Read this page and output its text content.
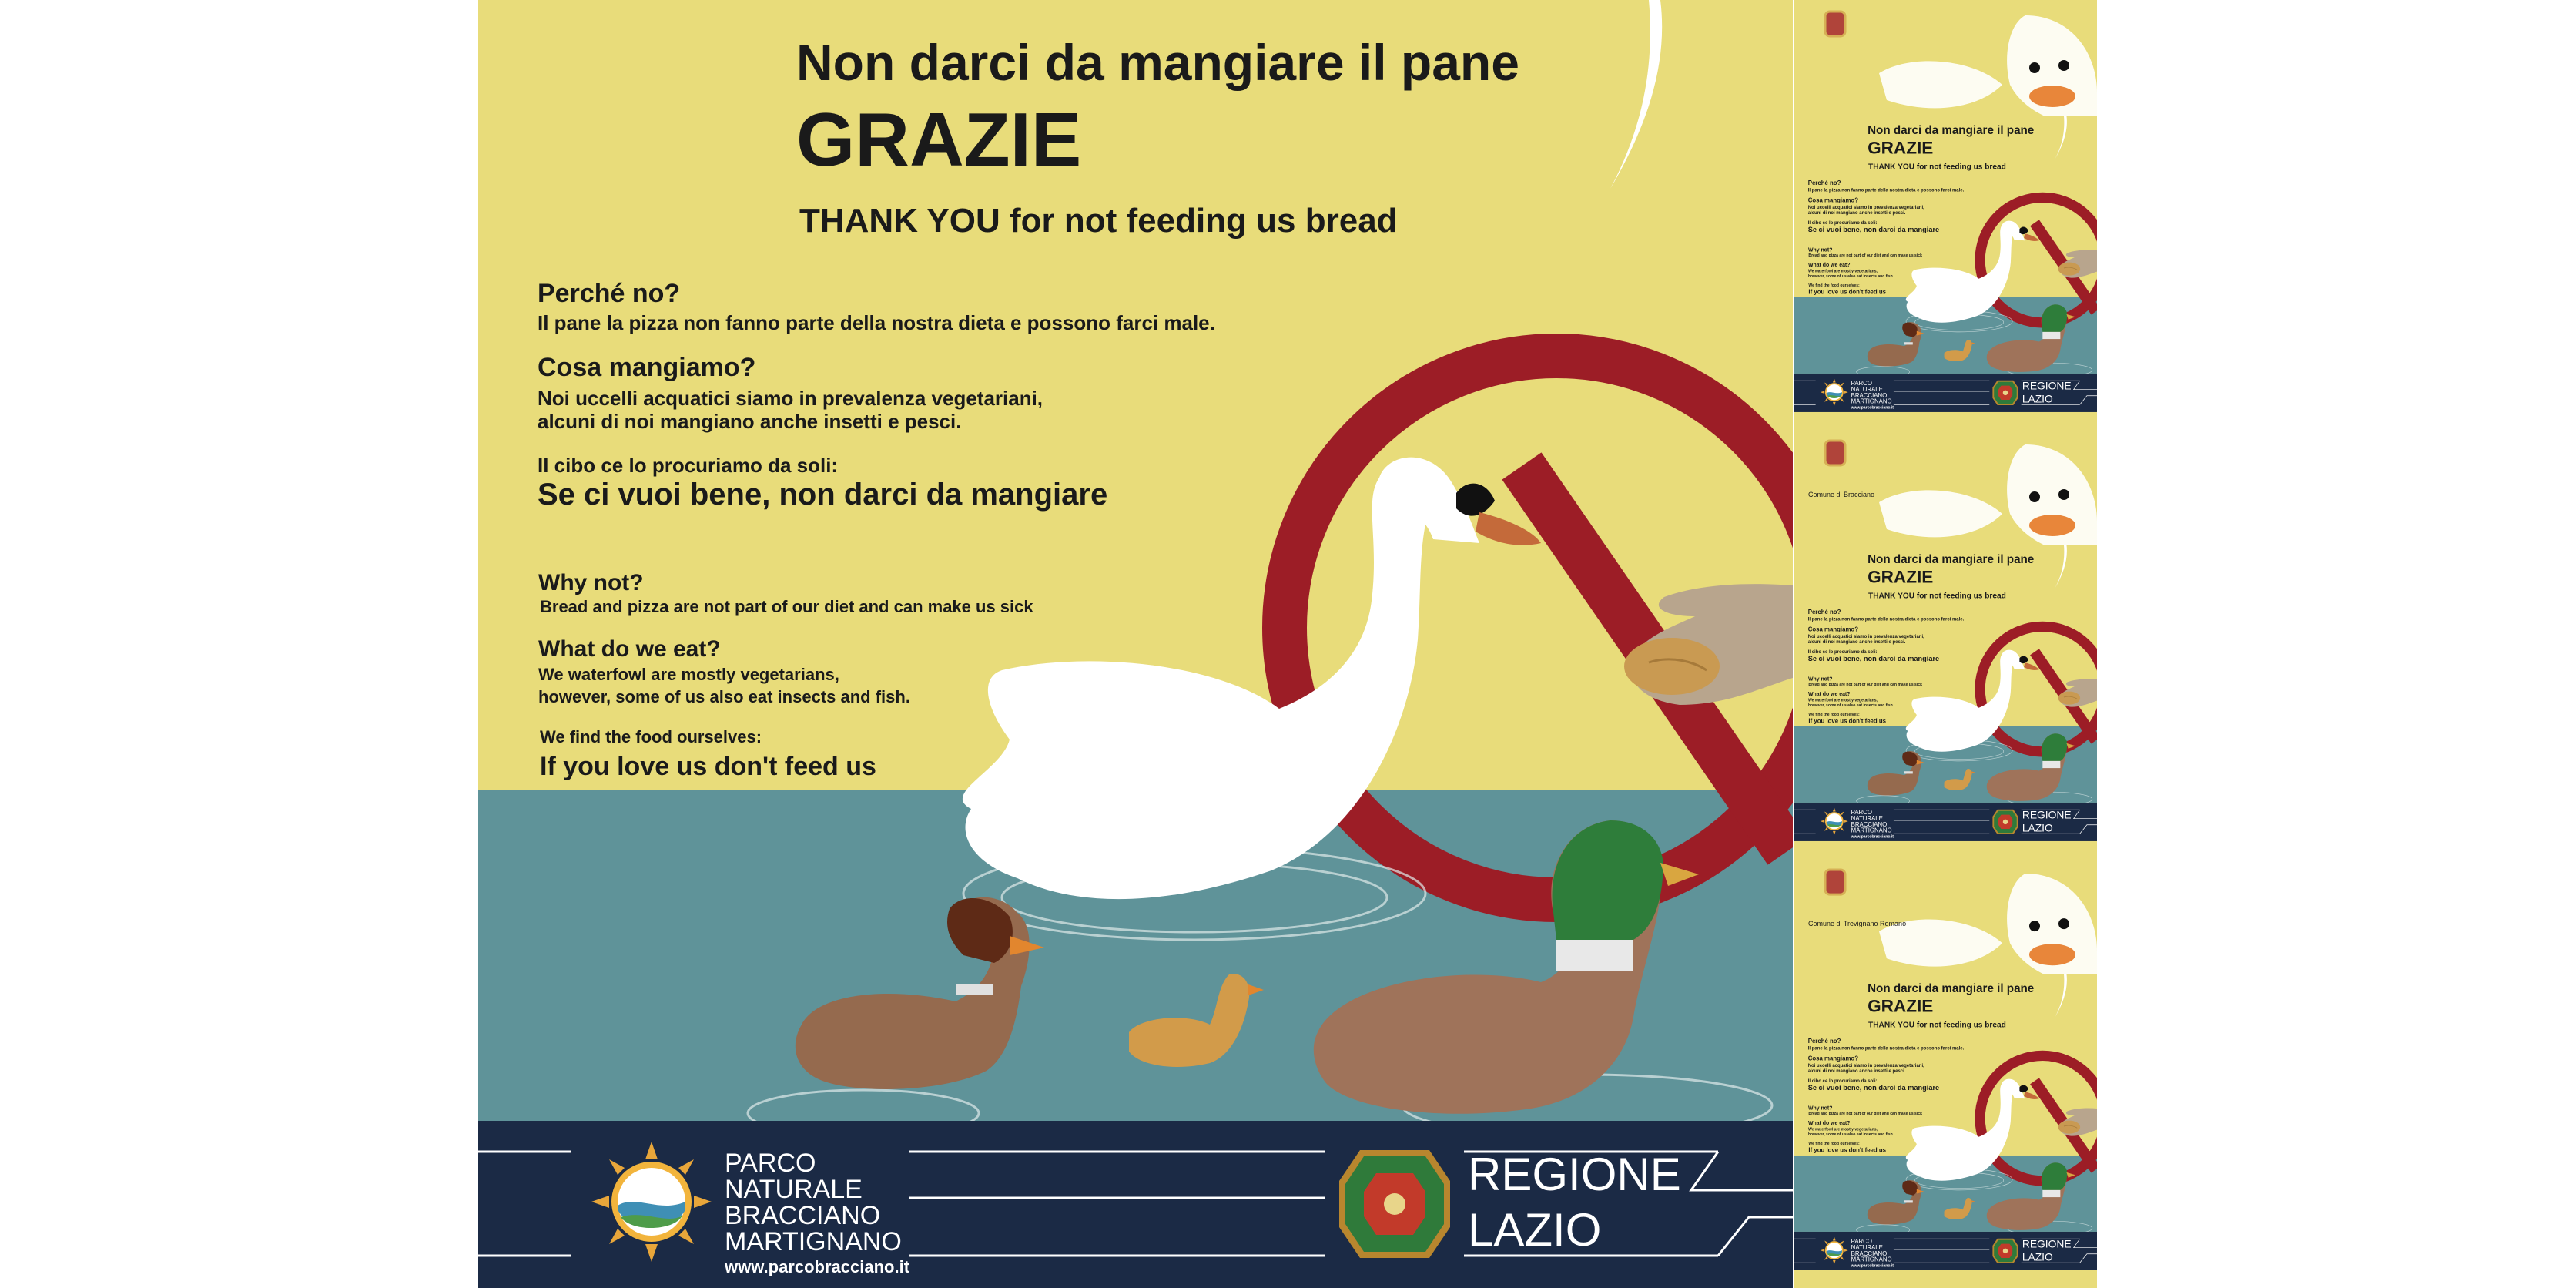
Non darci da mangiare il pane
GRAZIE
THANK YOU for not feeding us bread
Perché no?
Il pane la pizza non fanno parte della nostra dieta e possono farci male.
Cosa mangiamo?
Noi uccelli acquatici siamo in prevalenza vegetariani,
alcuni di noi mangiano anche insetti e pesci.
Il cibo ce lo procuriamo da soli:
Se ci vuoi bene, non darci da mangiare
Why not?
Bread and pizza are not part of our diet and can make us sick
What do we eat?
We waterfowl are mostly vegetarians,
however, some of us also eat insects and fish.
We find the food ourselves:
If you love us don't feed us
PARCO
NATURALE
BRACCIANO
MARTIGNANO
www.parcobracciano.it
REGIONE
LAZIO
Non darci da mangiare il pane
GRAZIE
THANK YOU for not feeding us bread
Perché no?
Il pane la pizza non fanno parte della nostra dieta e possono farci male.
Cosa mangiamo?
Noi uccelli acquatici siamo in prevalenza vegetariani,
alcuni di noi mangiano anche insetti e pesci.
Il cibo ce lo procuriamo da soli:
Se ci vuoi bene, non darci da mangiare
Why not?
Bread and pizza are not part of our diet and can make us sick
What do we eat?
We waterfowl are mostly vegetarians,
however, some of us also eat insects and fish.
We find the food ourselves:
If you love us don't feed us
PARCO
NATURALE
BRACCIANO
MARTIGNANO
www.parcobracciano.it
REGIONE
LAZIO
Non darci da mangiare il pane
GRAZIE
THANK YOU for not feeding us bread
Perché no?
Il pane la pizza non fanno parte della nostra dieta e possono farci male.
Cosa mangiamo?
Noi uccelli acquatici siamo in prevalenza vegetariani,
alcuni di noi mangiano anche insetti e pesci.
Il cibo ce lo procuriamo da soli:
Se ci vuoi bene, non darci da mangiare
Why not?
Bread and pizza are not part of our diet and can make us sick
What do we eat?
We waterfowl are mostly vegetarians,
however, some of us also eat insects and fish.
We find the food ourselves:
If you love us don't feed us
PARCO
NATURALE
BRACCIANO
MARTIGNANO
www.parcobracciano.it
REGIONE
LAZIO
Comune di Bracciano
Non darci da mangiare il pane
GRAZIE
THANK YOU for not feeding us bread
Perché no?
Il pane la pizza non fanno parte della nostra dieta e possono farci male.
Cosa mangiamo?
Noi uccelli acquatici siamo in prevalenza vegetariani,
alcuni di noi mangiano anche insetti e pesci.
Il cibo ce lo procuriamo da soli:
Se ci vuoi bene, non darci da mangiare
Why not?
Bread and pizza are not part of our diet and can make us sick
What do we eat?
We waterfowl are mostly vegetarians,
however, some of us also eat insects and fish.
We find the food ourselves:
If you love us don't feed us
PARCO
NATURALE
BRACCIANO
MARTIGNANO
www.parcobracciano.it
REGIONE
LAZIO
Comune di Trevignano Romano
